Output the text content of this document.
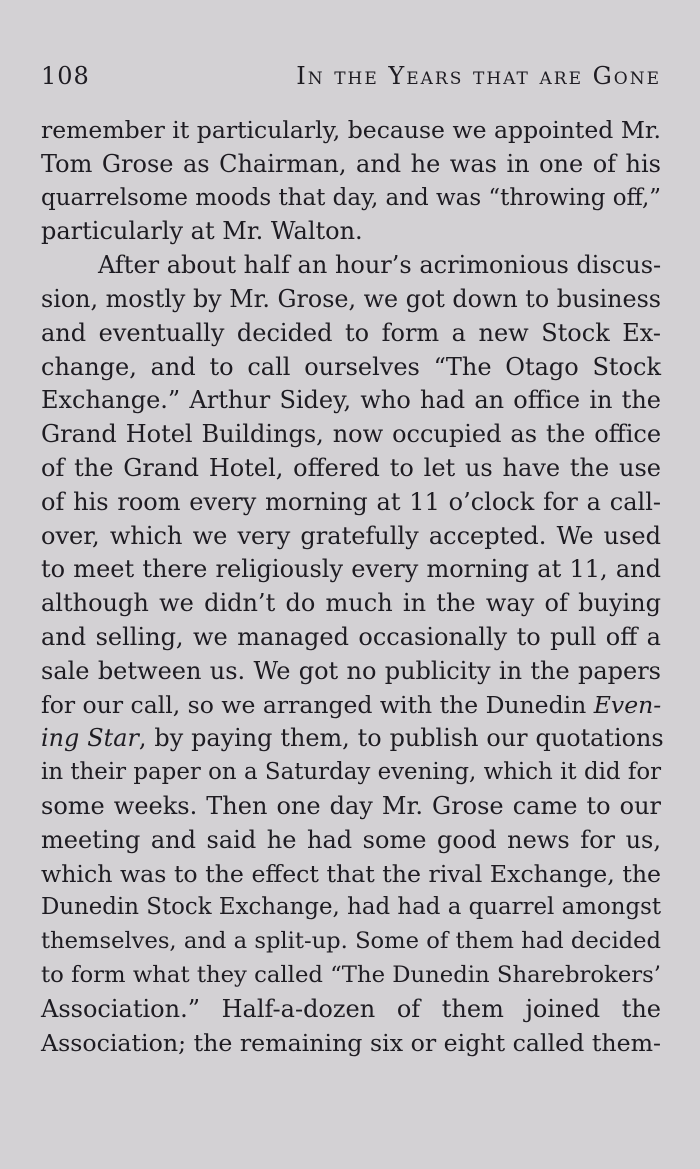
108	In the Years that are Gone
remember it particularly, because we appointed Mr.
Tom Grose as Chairman, and he was in one of his
quarrelsome moods that day, and was “throwing off,”
particularly at Mr. Walton.
After about half an hour’s acrimonious discus-
sion, mostly by Mr. Grose, we got down to business
and eventually decided to form a new Stock Ex-
change, and to call ourselves “The Otago Stock
Exchange.” Arthur Sidey, who had an office in the
Grand Hotel Buildings, now occupied as the office
of the Grand Hotel, offered to let us have the use
of his room every morning at 11 o’clock for a call-
over, which we very gratefully accepted. We used
to meet there religiously every morning at 11, and
although we didn’t do much in the way of buying
and selling, we managed occasionally to pull off a
sale between us. We got no publicity in the papers
for our call, so we arranged with the Dunedin Even-
ing Star, by paying them, to publish our quotations
in their paper on a Saturday evening, which it did for
some weeks. Then one day Mr. Grose came to our
meeting and said he had some good news for us,
which was to the effect that the rival Exchange, the
Dunedin Stock Exchange, had had a quarrel amongst
themselves, and a split-up. Some of them had decided
to form what they called “The Dunedin Sharebrokers’
Association.” Half-a-dozen of them joined the
Association; the remaining six or eight called them-
